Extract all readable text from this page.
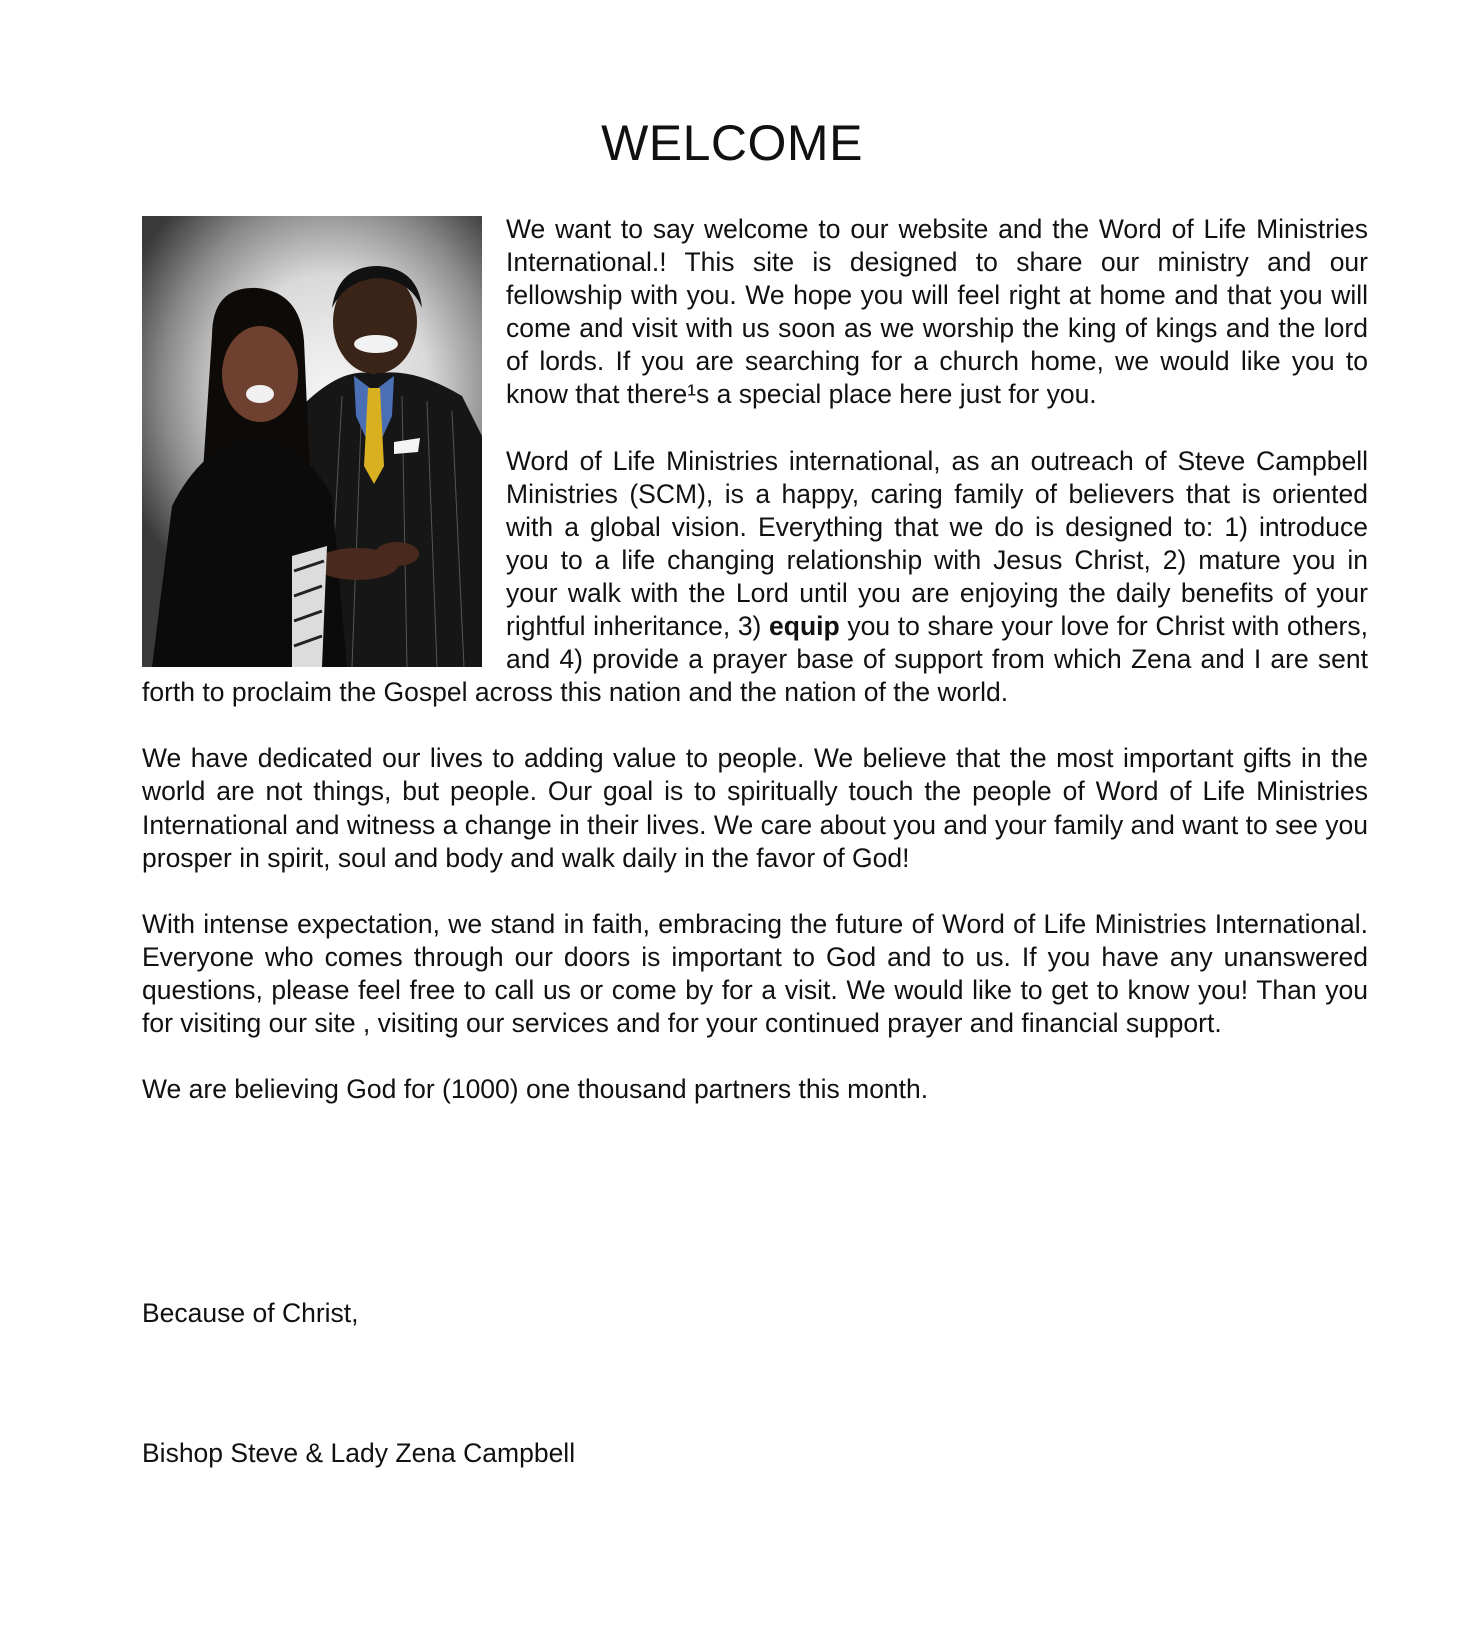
WELCOME

We want to say welcome to our website and the Word of Life Ministries International.! This site is designed to share our ministry and our fellowship with you. We hope you will feel right at home and that you will come and visit with us soon as we worship the king of kings and the lord of lords. If you are searching for a church home, we would like you to know that there¹s a special place here just for you.

Word of Life Ministries international, as an outreach of Steve Campbell Ministries (SCM), is a happy, caring family of believers that is oriented with a global vision. Everything that we do is designed to: 1) introduce you to a life changing relationship with Jesus Christ, 2) mature you in your walk with the Lord until you are enjoying the daily benefits of your rightful inheritance, 3) equip you to share your love for Christ with others, and 4) provide a prayer base of support from which Zena and I are sent forth to proclaim the Gospel across this nation and the nation of the world.

We have dedicated our lives to adding value to people. We believe that the most important gifts in the world are not things, but people. Our goal is to spiritually touch the people of Word of Life Ministries International and witness a change in their lives. We care about you and your family and want to see you prosper in spirit, soul and body and walk daily in the favor of God!

With intense expectation, we stand in faith, embracing the future of Word of Life Ministries International. Everyone who comes through our doors is important to God and to us. If you have any unanswered questions, please feel free to call us or come by for a visit. We would like to get to know you! Than you for visiting our site , visiting our services and for your continued prayer and financial support.

We are believing God for (1000) one thousand partners this month.

Because of Christ,
Bishop Steve & Lady Zena Campbell
